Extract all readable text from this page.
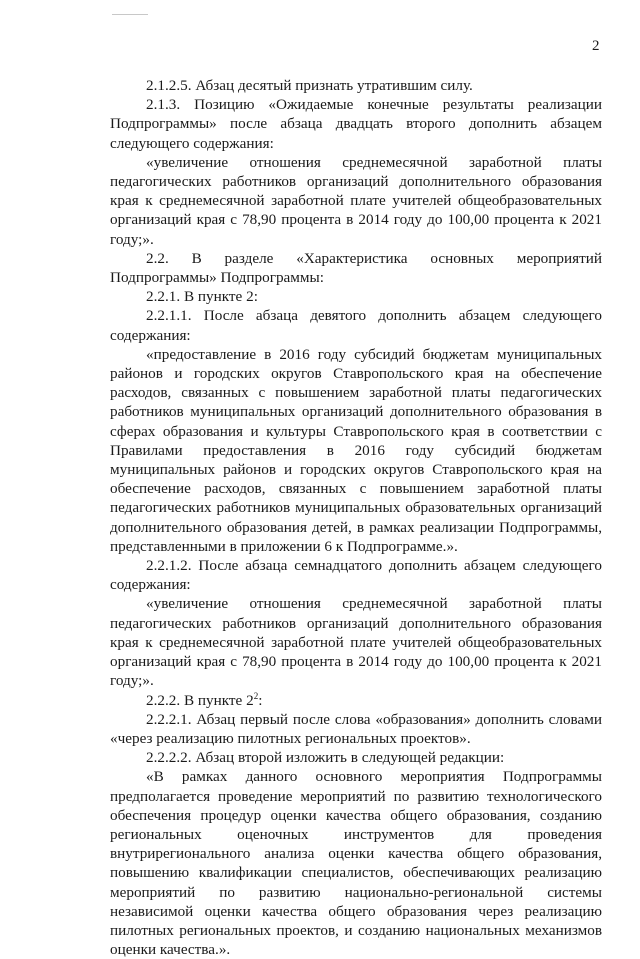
2

2.1.2.5. Абзац десятый признать утратившим силу.

2.1.3. Позицию «Ожидаемые конечные результаты реализации Подпрограммы» после абзаца двадцать второго дополнить абзацем следующего содержания:

«увеличение отношения среднемесячной заработной платы педагогических работников организаций дополнительного образования края к среднемесячной заработной плате учителей общеобразовательных организаций края с 78,90 процента в 2014 году до 100,00 процента к 2021 году;».

2.2. В разделе «Характеристика основных мероприятий Подпрограммы» Подпрограммы:

2.2.1. В пункте 2:

2.2.1.1. После абзаца девятого дополнить абзацем следующего содержания:

«предоставление в 2016 году субсидий бюджетам муниципальных районов и городских округов Ставропольского края на обеспечение расходов, связанных с повышением заработной платы педагогических работников муниципальных организаций дополнительного образования в сферах образования и культуры Ставропольского края в соответствии с Правилами предоставления в 2016 году субсидий бюджетам муниципальных районов и городских округов Ставропольского края на обеспечение расходов, связанных с повышением заработной платы педагогических работников муниципальных образовательных организаций дополнительного образования детей, в рамках реализации Подпрограммы, представленными в приложении 6 к Подпрограмме.».

2.2.1.2. После абзаца семнадцатого дополнить абзацем следующего содержания:

«увеличение отношения среднемесячной заработной платы педагогических работников организаций дополнительного образования края к среднемесячной заработной плате учителей общеобразовательных организаций края с 78,90 процента в 2014 году до 100,00 процента к 2021 году;».

2.2.2. В пункте $2^2$:

2.2.2.1. Абзац первый после слова «образования» дополнить словами «через реализацию пилотных региональных проектов».

2.2.2.2. Абзац второй изложить в следующей редакции:

«В рамках данного основного мероприятия Подпрограммы предполагается проведение мероприятий по развитию технологического обеспечения процедур оценки качества общего образования, созданию региональных оценочных инструментов для проведения внутрирегионального анализа оценки качества общего образования, повышению квалификации специалистов, обеспечивающих реализацию мероприятий по развитию национально-региональной системы независимой оценки качества общего образования через реализацию пилотных региональных проектов, и созданию национальных механизмов оценки качества.».
